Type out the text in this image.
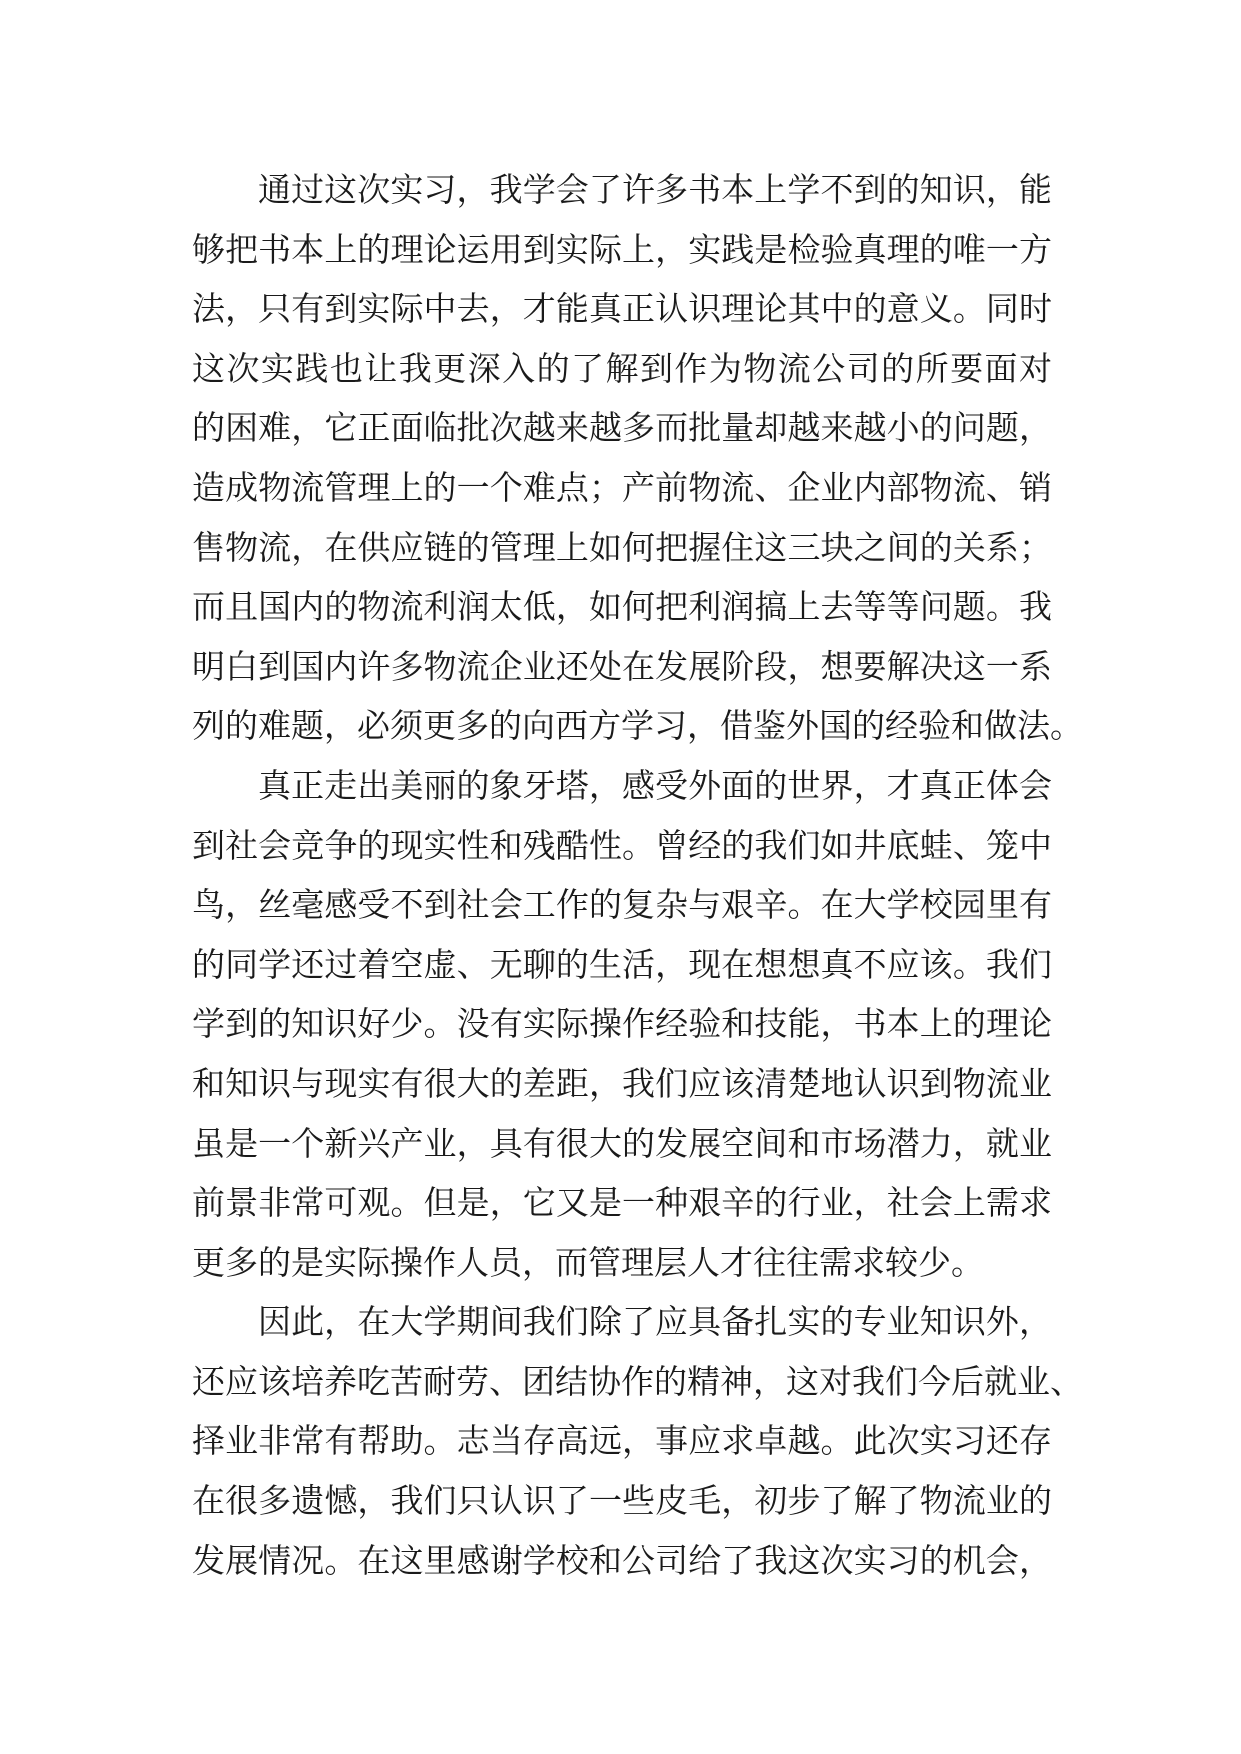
通过这次实习，我学会了许多书本上学不到的知识，能
够把书本上的理论运用到实际上，实践是检验真理的唯一方
法，只有到实际中去，才能真正认识理论其中的意义。同时
这次实践也让我更深入的了解到作为物流公司的所要面对
的困难，它正面临批次越来越多而批量却越来越小的问题，
造成物流管理上的一个难点；产前物流、企业内部物流、销
售物流，在供应链的管理上如何把握住这三块之间的关系；
而且国内的物流利润太低，如何把利润搞上去等等问题。我
明白到国内许多物流企业还处在发展阶段，想要解决这一系
列的难题，必须更多的向西方学习，借鉴外国的经验和做法。
真正走出美丽的象牙塔，感受外面的世界，才真正体会
到社会竞争的现实性和残酷性。曾经的我们如井底蛙、笼中
鸟，丝毫感受不到社会工作的复杂与艰辛。在大学校园里有
的同学还过着空虚、无聊的生活，现在想想真不应该。我们
学到的知识好少。没有实际操作经验和技能，书本上的理论
和知识与现实有很大的差距，我们应该清楚地认识到物流业
虽是一个新兴产业，具有很大的发展空间和市场潜力，就业
前景非常可观。但是，它又是一种艰辛的行业，社会上需求
更多的是实际操作人员，而管理层人才往往需求较少。
因此，在大学期间我们除了应具备扎实的专业知识外，
还应该培养吃苦耐劳、团结协作的精神，这对我们今后就业、
择业非常有帮助。志当存高远，事应求卓越。此次实习还存
在很多遗憾，我们只认识了一些皮毛，初步了解了物流业的
发展情况。在这里感谢学校和公司给了我这次实习的机会，
